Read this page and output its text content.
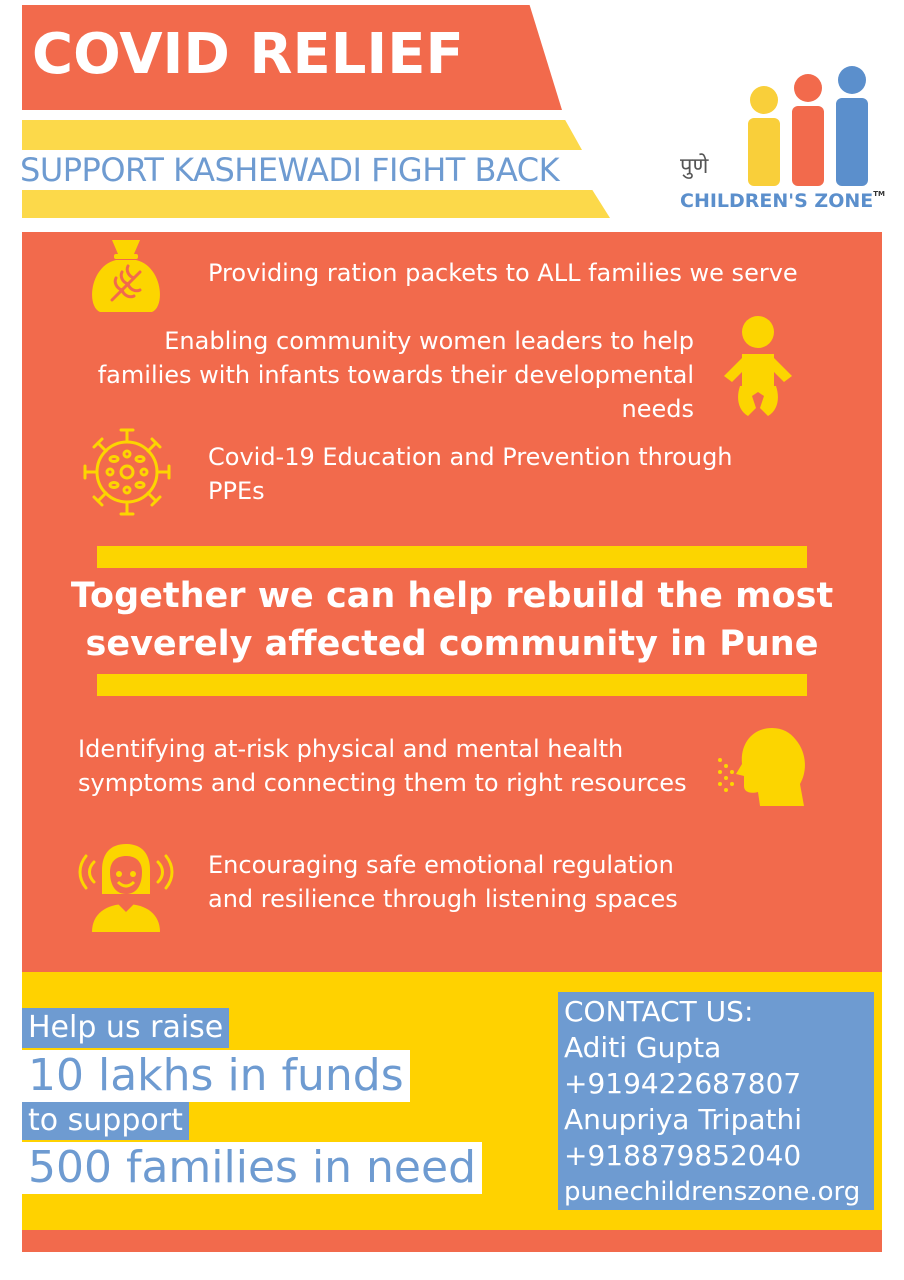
COVID RELIEF
SUPPORT KASHEWADI FIGHT BACK	पुणे
CHILDREN'S ZONE™
Providing ration packets to ALL families we serve
Enabling community women leaders to help
families with infants towards their developmental
needs
Covid-19 Education and Prevention through
PPEs
Together we can help rebuild the most
severely affected community in Pune
Identifying at-risk physical and mental health
symptoms and connecting them to right resources
Encouraging safe emotional regulation
and resilience through listening spaces
Help us raise
10 lakhs in funds
to support
500 families in need
CONTACT US:
Aditi Gupta
+919422687807
Anupriya Tripathi
+918879852040
punechildrenszone.org
